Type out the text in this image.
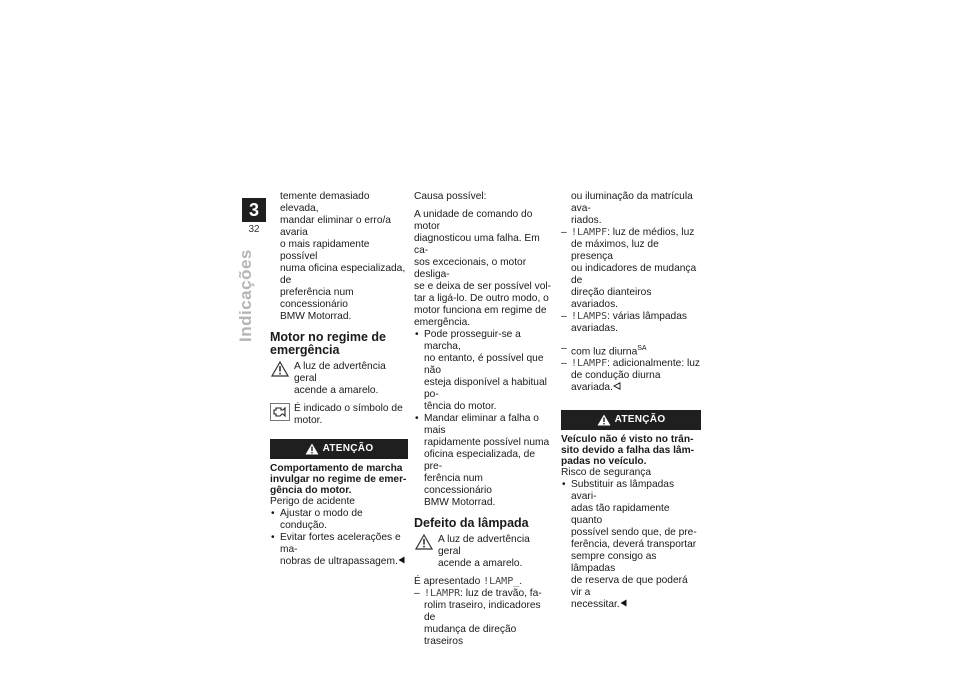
3
32
Indicações

temente demasiado elevada,

mandar eliminar o erro/a avaria

o mais rapidamente possível

numa oficina especializada, de

preferência num concessionário

BMW Motorrad.

Motor no regime de
emergência

A luz de advertência geral

acende a amarelo.

É indicado o símbolo de

motor.

ATENÇÃO

Comportamento de marcha

invulgar no regime de emer-

gência do motor.

Perigo de acidente

• Ajustar o modo de condução.
• Evitar fortes acelerações e ma-
nobras de ultrapassagem.

Causa possível:

A unidade de comando do motor

diagnosticou uma falha. Em ca-

sos excecionais, o motor desliga-

se e deixa de ser possível vol-

tar a ligá-lo. De outro modo, o

motor funciona em regime de

emergência.

• Pode prosseguir-se a marcha,

no entanto, é possível que não

esteja disponível a habitual po-

tência do motor.

• Mandar eliminar a falha o mais

rapidamente possível numa

oficina especializada, de pre-

ferência num concessionário

BMW Motorrad.

Defeito da lâmpada

A luz de advertência geral

acende a amarelo.

É apresentado !LAMP_.

– !LAMPR: luz de travão, fa-

rolim traseiro, indicadores de

mudança de direção traseiros

ou iluminação da matrícula ava-

riados.

– !LAMPF: luz de médios, luz

de máximos, luz de presença

ou indicadores de mudança de

direção dianteiros avariados.

– !LAMPS: várias lâmpadas

avariadas.

– com luz diurna$^{SA}$

– !LAMPF: adicionalmente: luz

de condução diurna avariada.

ATENÇÃO

Veículo não é visto no trân-

sito devido a falha das lâm-

padas no veículo.

Risco de segurança

• Substituir as lâmpadas avari-

adas tão rapidamente quanto

possível sendo que, de pre-

ferência, deverá transportar

sempre consigo as lâmpadas

de reserva de que poderá vir a

necessitar.
